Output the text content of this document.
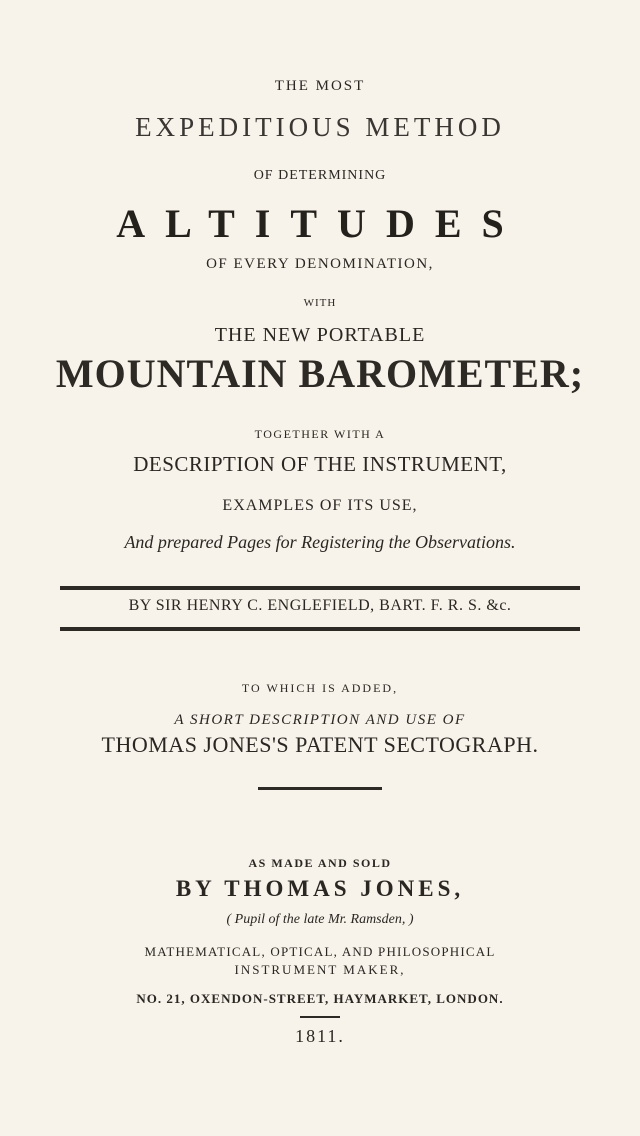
THE MOST
EXPEDITIOUS METHOD
OF DETERMINING
ALTITUDES
OF EVERY DENOMINATION,
WITH
THE NEW PORTABLE
MOUNTAIN BAROMETER;
TOGETHER WITH A
DESCRIPTION OF THE INSTRUMENT,
EXAMPLES OF ITS USE,
And prepared Pages for Registering the Observations.
BY SIR HENRY C. ENGLEFIELD, BART. F. R. S. &c.
TO WHICH IS ADDED,
A SHORT DESCRIPTION AND USE OF
THOMAS JONES'S PATENT SECTOGRAPH.
AS MADE AND SOLD
BY THOMAS JONES,
( Pupil of the late Mr. Ramsden, )
MATHEMATICAL, OPTICAL, AND PHILOSOPHICAL
INSTRUMENT MAKER,
NO. 21, OXENDON-STREET, HAYMARKET, LONDON.
1811.
